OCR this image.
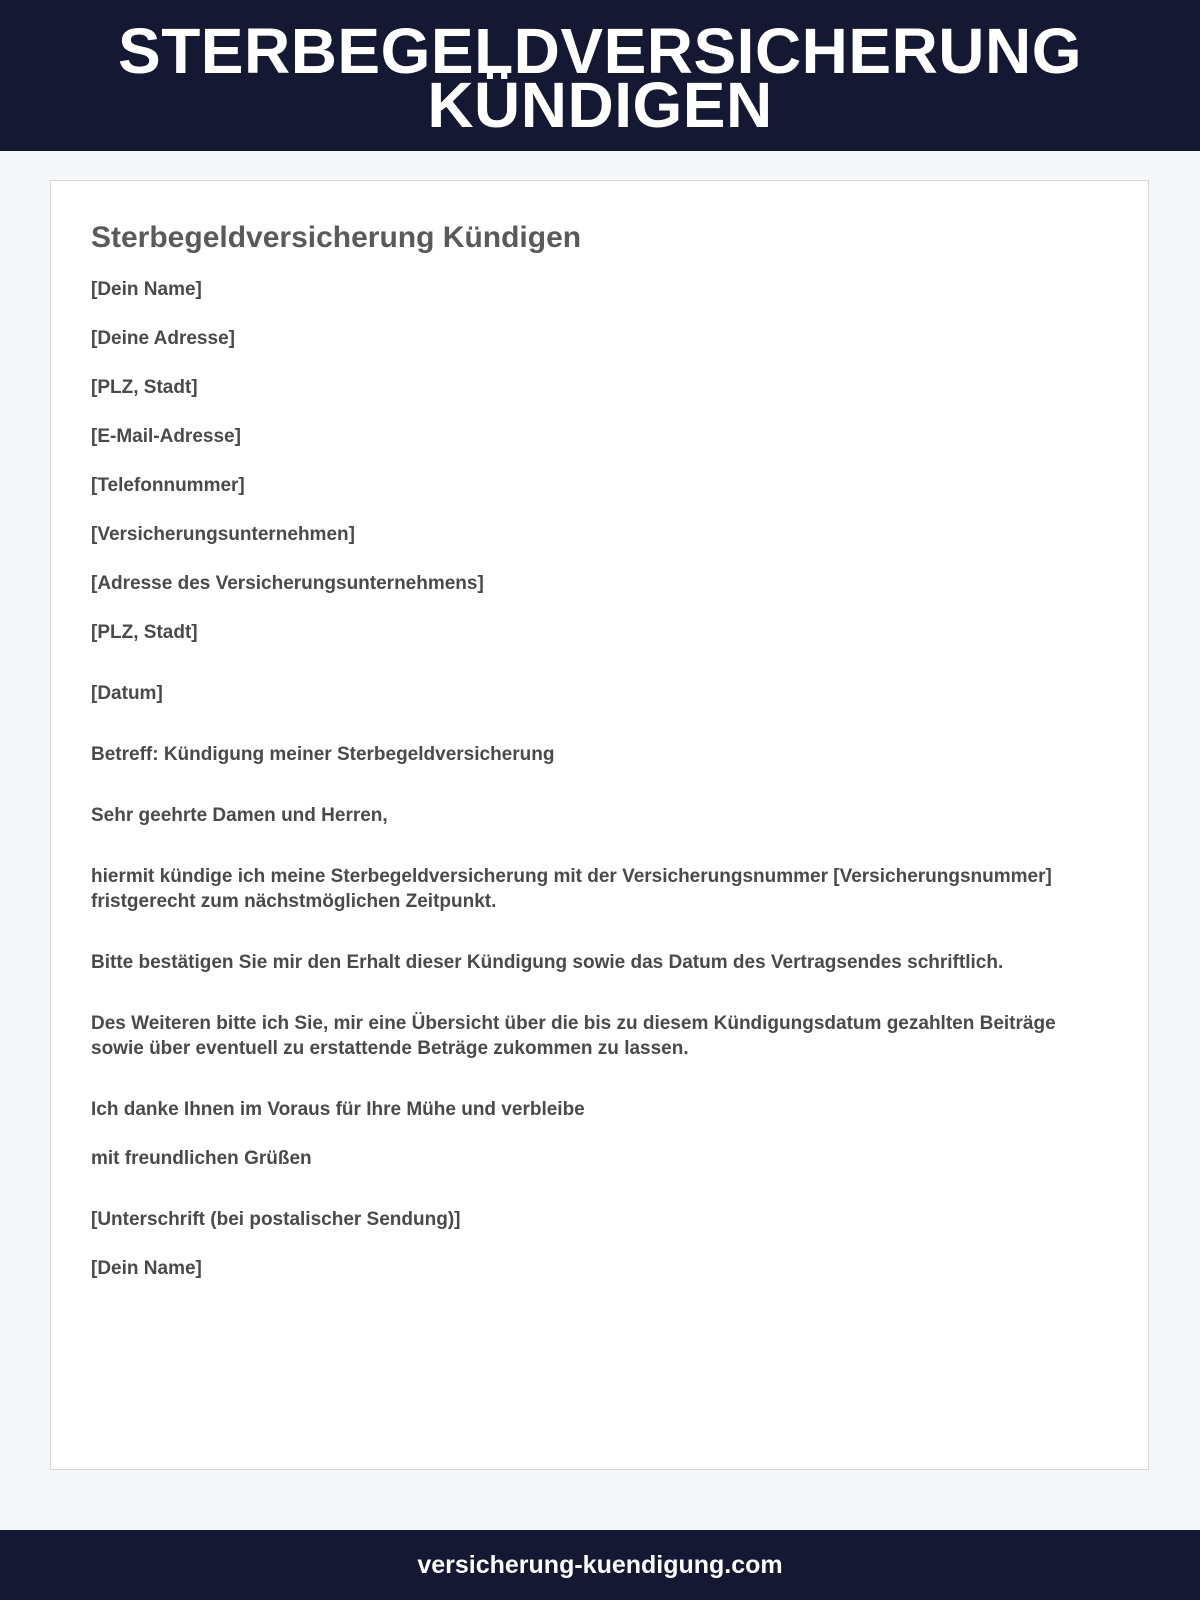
STERBEGELDVERSICHERUNG KÜNDIGEN
Sterbegeldversicherung Kündigen

[Dein Name]

[Deine Adresse]

[PLZ, Stadt]

[E-Mail-Adresse]

[Telefonnummer]

[Versicherungsunternehmen]

[Adresse des Versicherungsunternehmens]

[PLZ, Stadt]

[Datum]

Betreff: Kündigung meiner Sterbegeldversicherung

Sehr geehrte Damen und Herren,

hiermit kündige ich meine Sterbegeldversicherung mit der Versicherungsnummer [Versicherungsnummer] fristgerecht zum nächstmöglichen Zeitpunkt.

Bitte bestätigen Sie mir den Erhalt dieser Kündigung sowie das Datum des Vertragsendes schriftlich.

Des Weiteren bitte ich Sie, mir eine Übersicht über die bis zu diesem Kündigungsdatum gezahlten Beiträge sowie über eventuell zu erstattende Beträge zukommen zu lassen.

Ich danke Ihnen im Voraus für Ihre Mühe und verbleibe

mit freundlichen Grüßen

[Unterschrift (bei postalischer Sendung)]

[Dein Name]

versicherung-kuendigung.com
